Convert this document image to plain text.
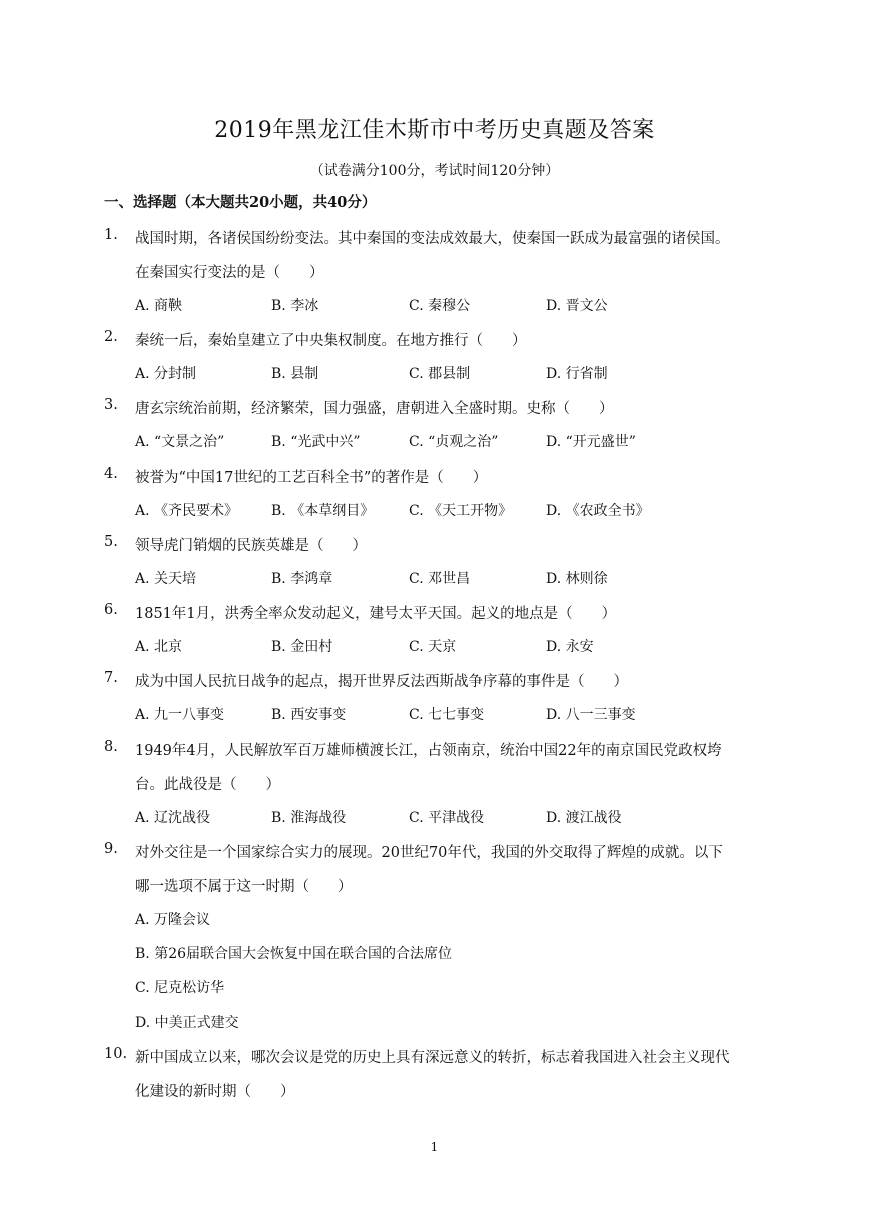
2019年黑龙江佳木斯市中考历史真题及答案
（试卷满分100分，考试时间120分钟）
一、选择题（本大题共20小题，共40分）
1. 战国时期，各诸侯国纷纷变法。其中秦国的变法成效最大，使秦国一跃成为最富强的诸侯国。
在秦国实行变法的是（　　）
A. 商鞅	B. 李冰	C. 秦穆公	D. 晋文公
2. 秦统一后，秦始皇建立了中央集权制度。在地方推行（　　）
A. 分封制	B. 县制	C. 郡县制	D. 行省制
3. 唐玄宗统治前期，经济繁荣，国力强盛，唐朝进入全盛时期。史称（　　）
A. “文景之治”	B. “光武中兴”	C. “贞观之治”	D. “开元盛世”
4. 被誉为“中国17世纪的工艺百科全书”的著作是（　　）
A. 《齐民要术》 B. 《本草纲目》 C. 《天工开物》 D. 《农政全书》
5. 领导虎门销烟的民族英雄是（　　）
A. 关天培	B. 李鸿章	C. 邓世昌	D. 林则徐
6. 1851年1月，洪秀全率众发动起义，建号太平天国。起义的地点是（　　）
A. 北京	B. 金田村	C. 天京	D. 永安
7. 成为中国人民抗日战争的起点，揭开世界反法西斯战争序幕的事件是（　　）
A. 九一八事变	B. 西安事变	C. 七七事变	D. 八一三事变
8. 1949年4月，人民解放军百万雄师横渡长江，占领南京，统治中国22年的南京国民党政权垮
台。此战役是（　　）
A. 辽沈战役	B. 淮海战役	C. 平津战役	D. 渡江战役
9. 对外交往是一个国家综合实力的展现。20世纪70年代，我国的外交取得了辉煌的成就。以下
哪一选项不属于这一时期（　　）
A. 万隆会议
B. 第26届联合国大会恢复中国在联合国的合法席位
C. 尼克松访华
D. 中美正式建交
10. 新中国成立以来，哪次会议是党的历史上具有深远意义的转折，标志着我国进入社会主义现代
化建设的新时期（　　）
1
